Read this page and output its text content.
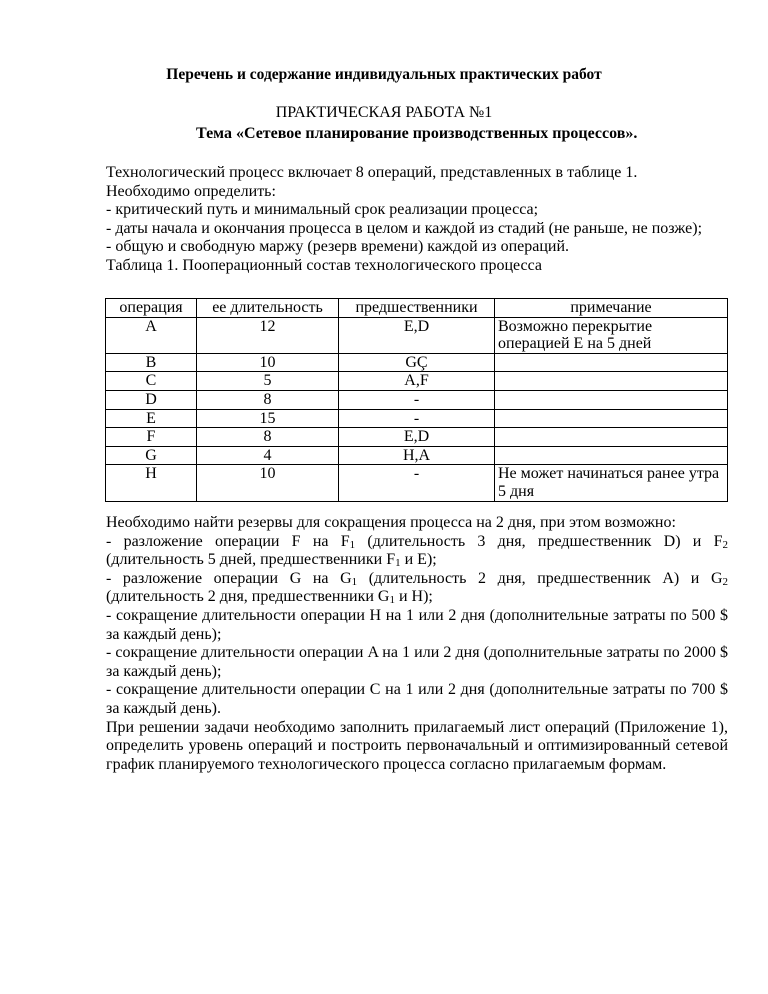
Перечень и содержание индивидуальных практических работ
ПРАКТИЧЕСКАЯ РАБОТА №1
Тема «Сетевое планирование производственных процессов».

Технологический процесс включает 8 операций, представленных в таблице 1.

Необходимо определить:

- критический путь и минимальный срок реализации процесса;

- даты начала и окончания процесса в целом и каждой из стадий (не раньше, не позже);

- общую и свободную маржу (резерв времени) каждой из операций.

Таблица 1. Пооперационный состав технологического процесса

операция	ее длительность	предшественники	примечание
A	12	E,D	Возможно перекрытие операцией E на 5 дней
B	10	GÇ	
C	5	A,F	
D	8	-	
E	15	-	
F	8	E,D	
G	4	H,A	
H	10	-	Не может начинаться ранее утра 5 дня

Необходимо найти резервы для сокращения процесса на 2 дня, при этом возможно:

- разложение операции F на $F_1$ (длительность 3 дня, предшественник D) и $F_2$ (длительность 5 дней, предшественники $F_1$ и E);

- разложение операции G на $G_1$ (длительность 2 дня, предшественник A) и $G_2$ (длительность 2 дня, предшественники $G_1$ и H);

- сокращение длительности операции H на 1 или 2 дня (дополнительные затраты по 500 $ за каждый день);

- сокращение длительности операции A на 1 или 2 дня (дополнительные затраты по 2000 $ за каждый день);

- сокращение длительности операции C на 1 или 2 дня (дополнительные затраты по 700 $ за каждый день).

При решении задачи необходимо заполнить прилагаемый лист операций (Приложение 1), определить уровень операций и построить первоначальный и оптимизированный сетевой график планируемого технологического процесса согласно прилагаемым формам.
